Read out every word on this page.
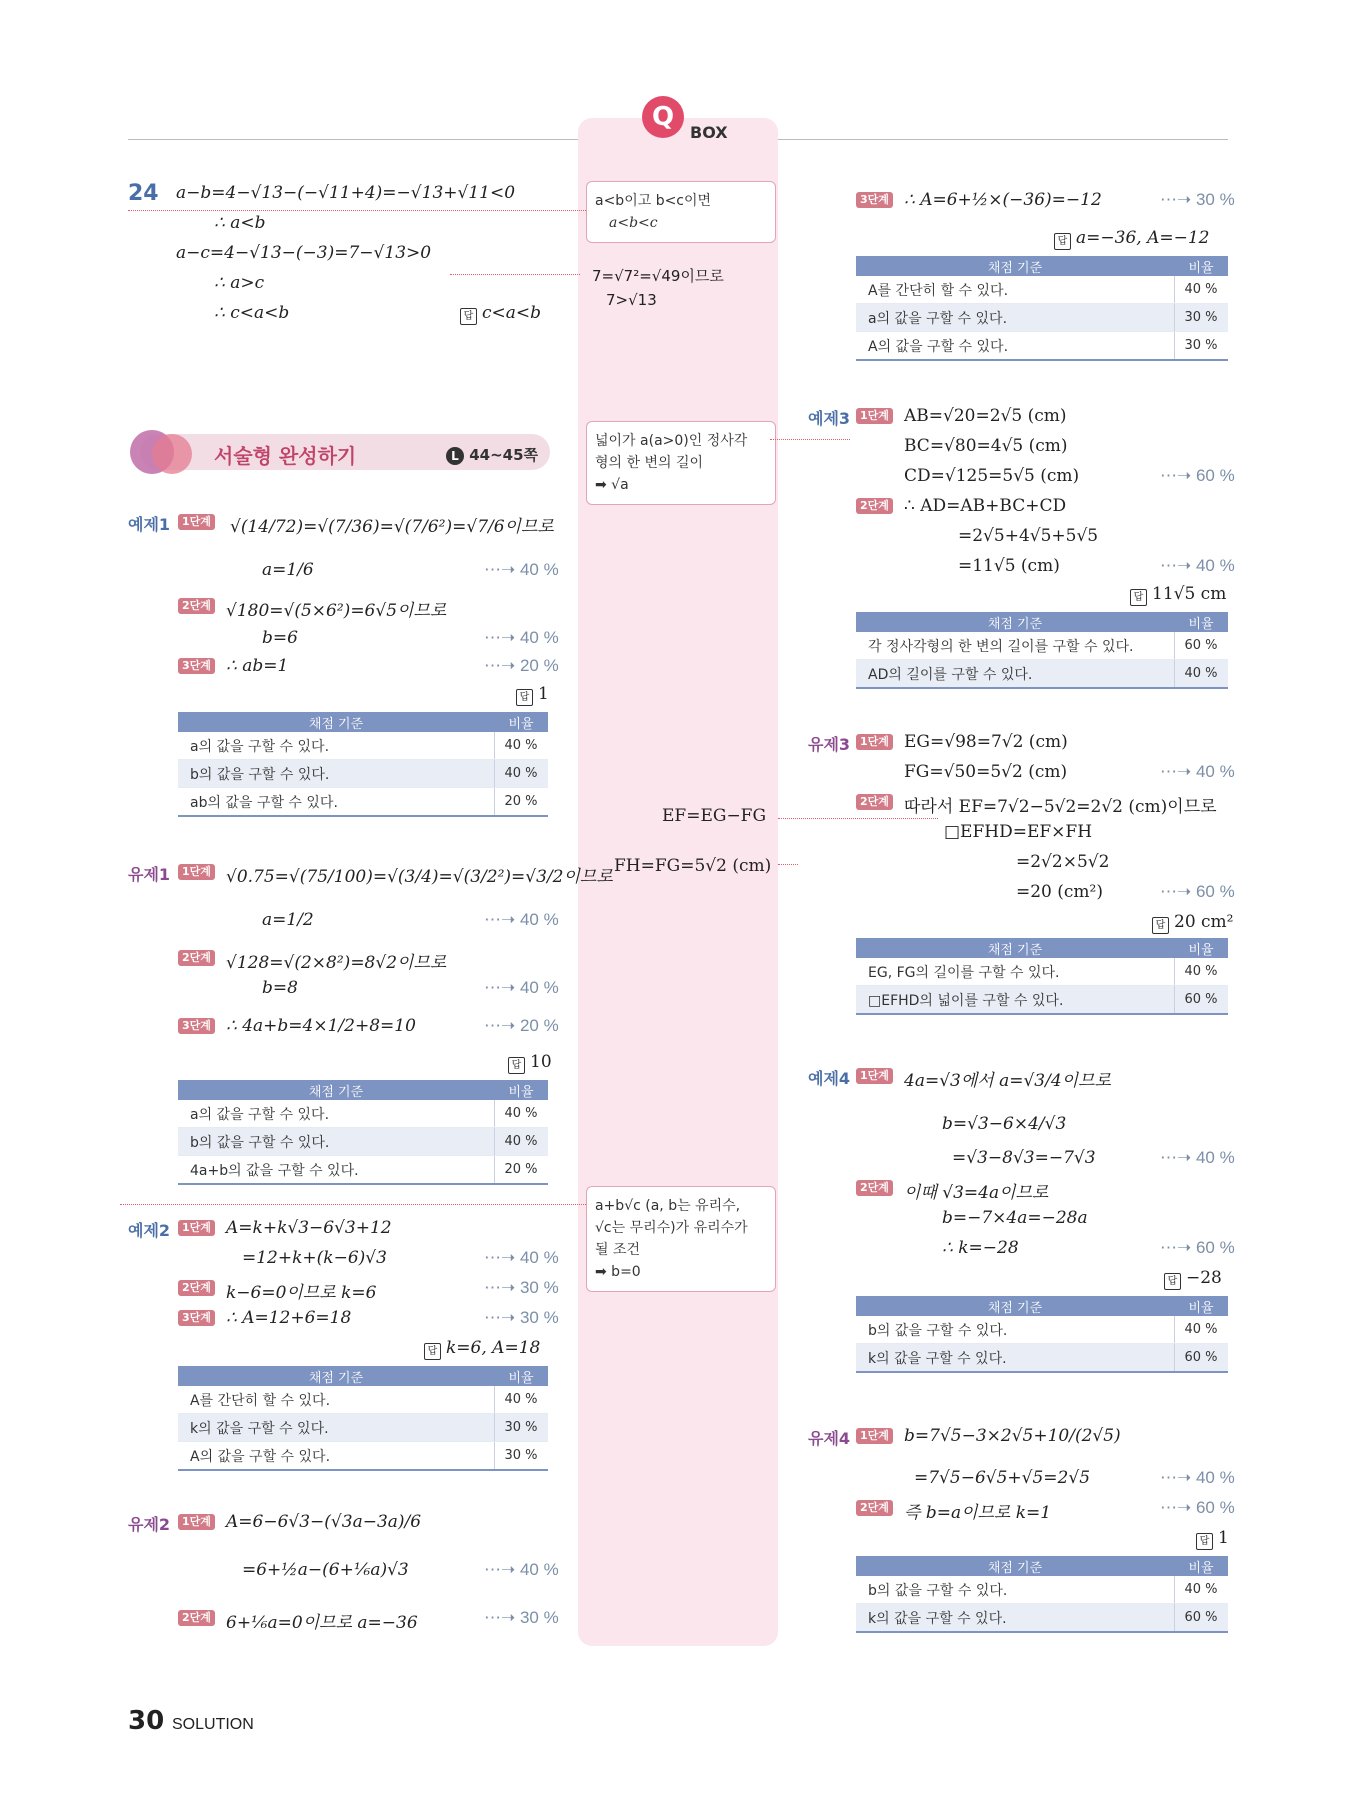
Q
BOX
a<b이고 b<c이면
a<b<c
7=√7²=√49이므로
7>√13
넓이가 a(a>0)인 정사각
형의 한 변의 길이
➡ √a
EF=EG−FG
FH=FG=5√2 (cm)
a+b√c (a, b는 유리수,
√c는 무리수)가 유리수가
될 조건
➡ b=0
24 a−b=4−√13−(−√11+4)=−√13+√11<0
∴ a<b
a−c=4−√13−(−3)=7−√13>0
∴ a>c
∴ c<a<b	답 c<a<b
서술형 완성하기	L 44~45쪽
예제1	1단계 √(14/72)=√(7/36)=√(7/6²)=√7/6이므로
a=1/6	⋯➝ 40 %
2단계 √180=√(5×6²)=6√5이므로
b=6	⋯➝ 40 %
3단계 ∴ ab=1	⋯➝ 20 %
답 1
채점 기준	비율
a의 값을 구할 수 있다.	40 %
b의 값을 구할 수 있다.	40 %
ab의 값을 구할 수 있다.	20 %
유제1	1단계 √0.75=√(75/100)=√(3/4)=√(3/2²)=√3/2이므로
a=1/2	⋯➝ 40 %
2단계 √128=√(2×8²)=8√2이므로
b=8	⋯➝ 40 %
3단계 ∴ 4a+b=4×1/2+8=10	⋯➝ 20 %
답 10
채점 기준	비율
a의 값을 구할 수 있다.	40 %
b의 값을 구할 수 있다.	40 %
4a+b의 값을 구할 수 있다.	20 %
예제2	1단계 A=k+k√3−6√3+12
=12+k+(k−6)√3	⋯➝ 40 %
2단계 k−6=0이므로 k=6	⋯➝ 30 %
3단계 ∴ A=12+6=18	⋯➝ 30 %
답 k=6, A=18
채점 기준	비율
A를 간단히 할 수 있다.	40 %
k의 값을 구할 수 있다.	30 %
A의 값을 구할 수 있다.	30 %
유제2	1단계 A=6−6√3−(√3a−3a)/6
=6+½a−(6+⅙a)√3	⋯➝ 40 %
2단계 6+⅙a=0이므로 a=−36	⋯➝ 30 %
3단계 ∴ A=6+½×(−36)=−12	⋯➝ 30 %
답 a=−36, A=−12
채점 기준	비율
A를 간단히 할 수 있다.	40 %
a의 값을 구할 수 있다.	30 %
A의 값을 구할 수 있다.	30 %
예제3 1단계 AB=√20=2√5 (cm)
BC=√80=4√5 (cm)
CD=√125=5√5 (cm)	⋯➝ 60 %
2단계 ∴ AD=AB+BC+CD
=2√5+4√5+5√5
=11√5 (cm)	⋯➝ 40 %
답 11√5 cm
채점 기준	비율
각 정사각형의 한 변의 길이를 구할 수 있다.	60 %
AD의 길이를 구할 수 있다.	40 %
유제3 1단계 EG=√98=7√2 (cm)
FG=√50=5√2 (cm)	⋯➝ 40 %
2단계 따라서 EF=7√2−5√2=2√2 (cm)이므로
□EFHD=EF×FH
=2√2×5√2
=20 (cm²)	⋯➝ 60 %
답 20 cm²
채점 기준	비율
EG, FG의 길이를 구할 수 있다.	40 %
□EFHD의 넓이를 구할 수 있다.	60 %
예제4 1단계 4a=√3에서 a=√3/4이므로
b=√3−6×4/√3
=√3−8√3=−7√3	⋯➝ 40 %
2단계 이때 √3=4a이므로
b=−7×4a=−28a
∴ k=−28	⋯➝ 60 %
답 −28
채점 기준	비율
b의 값을 구할 수 있다.	40 %
k의 값을 구할 수 있다.	60 %
유제4 1단계 b=7√5−3×2√5+10/(2√5)
=7√5−6√5+√5=2√5	⋯➝ 40 %
2단계 즉 b=a이므로 k=1	⋯➝ 60 %
답 1
채점 기준	비율
b의 값을 구할 수 있다.	40 %
k의 값을 구할 수 있다.	60 %
30 SOLUTION
